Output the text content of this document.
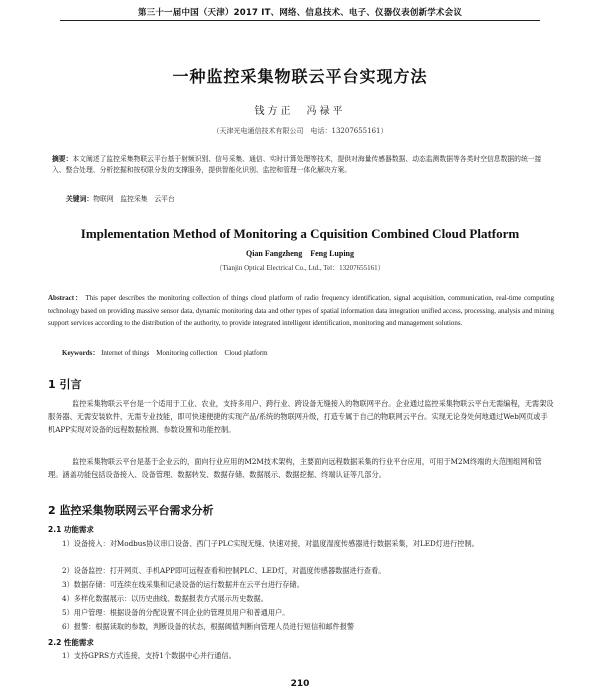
第三十一届中国（天津）2017 IT、网络、信息技术、电子、仪器仪表创新学术会议
一种监控采集物联云平台实现方法
钱方正　冯禄平
（天津光电通信技术有限公司　电话：13207655161）
摘要：本文阐述了监控采集物联云平台基于射频识别、信号采集、通信、实时计算处理等技术，提供对海量传感器数据、动态监测数据等各类时空信息数据的统一接入、整合处理、分析挖掘和按权限分发的支撑服务，提供智能化识别、监控和管理一体化解决方案。
关键词：物联网　监控采集　云平台
Implementation Method of Monitoring a Cquisition Combined Cloud Platform
Qian Fangzheng　Feng Luping
（Tianjin Optical Electrical Co., Ltd., Tel：13207655161）
Abstract： This paper describes the monitoring collection of things cloud platform of radio frequency identification, signal acquisition, communication, real-time computing technology based on providing massive sensor data, dynamic monitoring data and other types of spatial information data integration unified access, processing, analysis and mining support services according to the distribution of the authority, to provide integrated intelligent identification, monitoring and management solutions.
Keywords： Internet of things　Monitoring collection　Cloud platform
1 引言
监控采集物联云平台是一个适用于工业、农业，支持多用户、跨行业、跨设备无缝接入的物联网平台。企业通过监控采集物联云平台无需编程，无需架设服务器、无需安装软件、无需专业技能，即可快速便捷的实现产品/系统的物联网升级，打造专属于自己的物联网云平台。实现无论身处何地通过Web网页或手机APP实现对设备的远程数据检测、参数设置和功能控制。
监控采集物联云平台是基于企业云的，面向行业应用的M2M技术架构，主要面向远程数据采集的行业平台应用，可用于M2M终端的大范围组网和管理。涵盖功能包括设备接入、设备管理、数据转发、数据存储、数据展示、数据挖掘、终端认证等几部分。
2 监控采集物联网云平台需求分析
2.1 功能需求
1）设备接入：对Modbus协议串口设备、西门子PLC实现无缝、快速对接，对温度湿度传感器进行数据采集，对LED灯进行控制。
2）设备监控：打开网页、手机APP即可远程查看和控制PLC、LED灯，对温度传感器数据进行查看。
3）数据存储：可连续在线采集和记录设备的运行数据并在云平台进行存储。
4）多样化数据展示：以历史曲线、数据报表方式展示历史数据。
5）用户管理：根据设备的分配设置不同企业的管理员用户和普通用户。
6）报警：根据读取的参数，判断设备的状态，根据阈值判断向管理人员进行短信和邮件报警
2.2 性能需求
1）支持GPRS方式连接，支持1个数据中心并行通信。
210
